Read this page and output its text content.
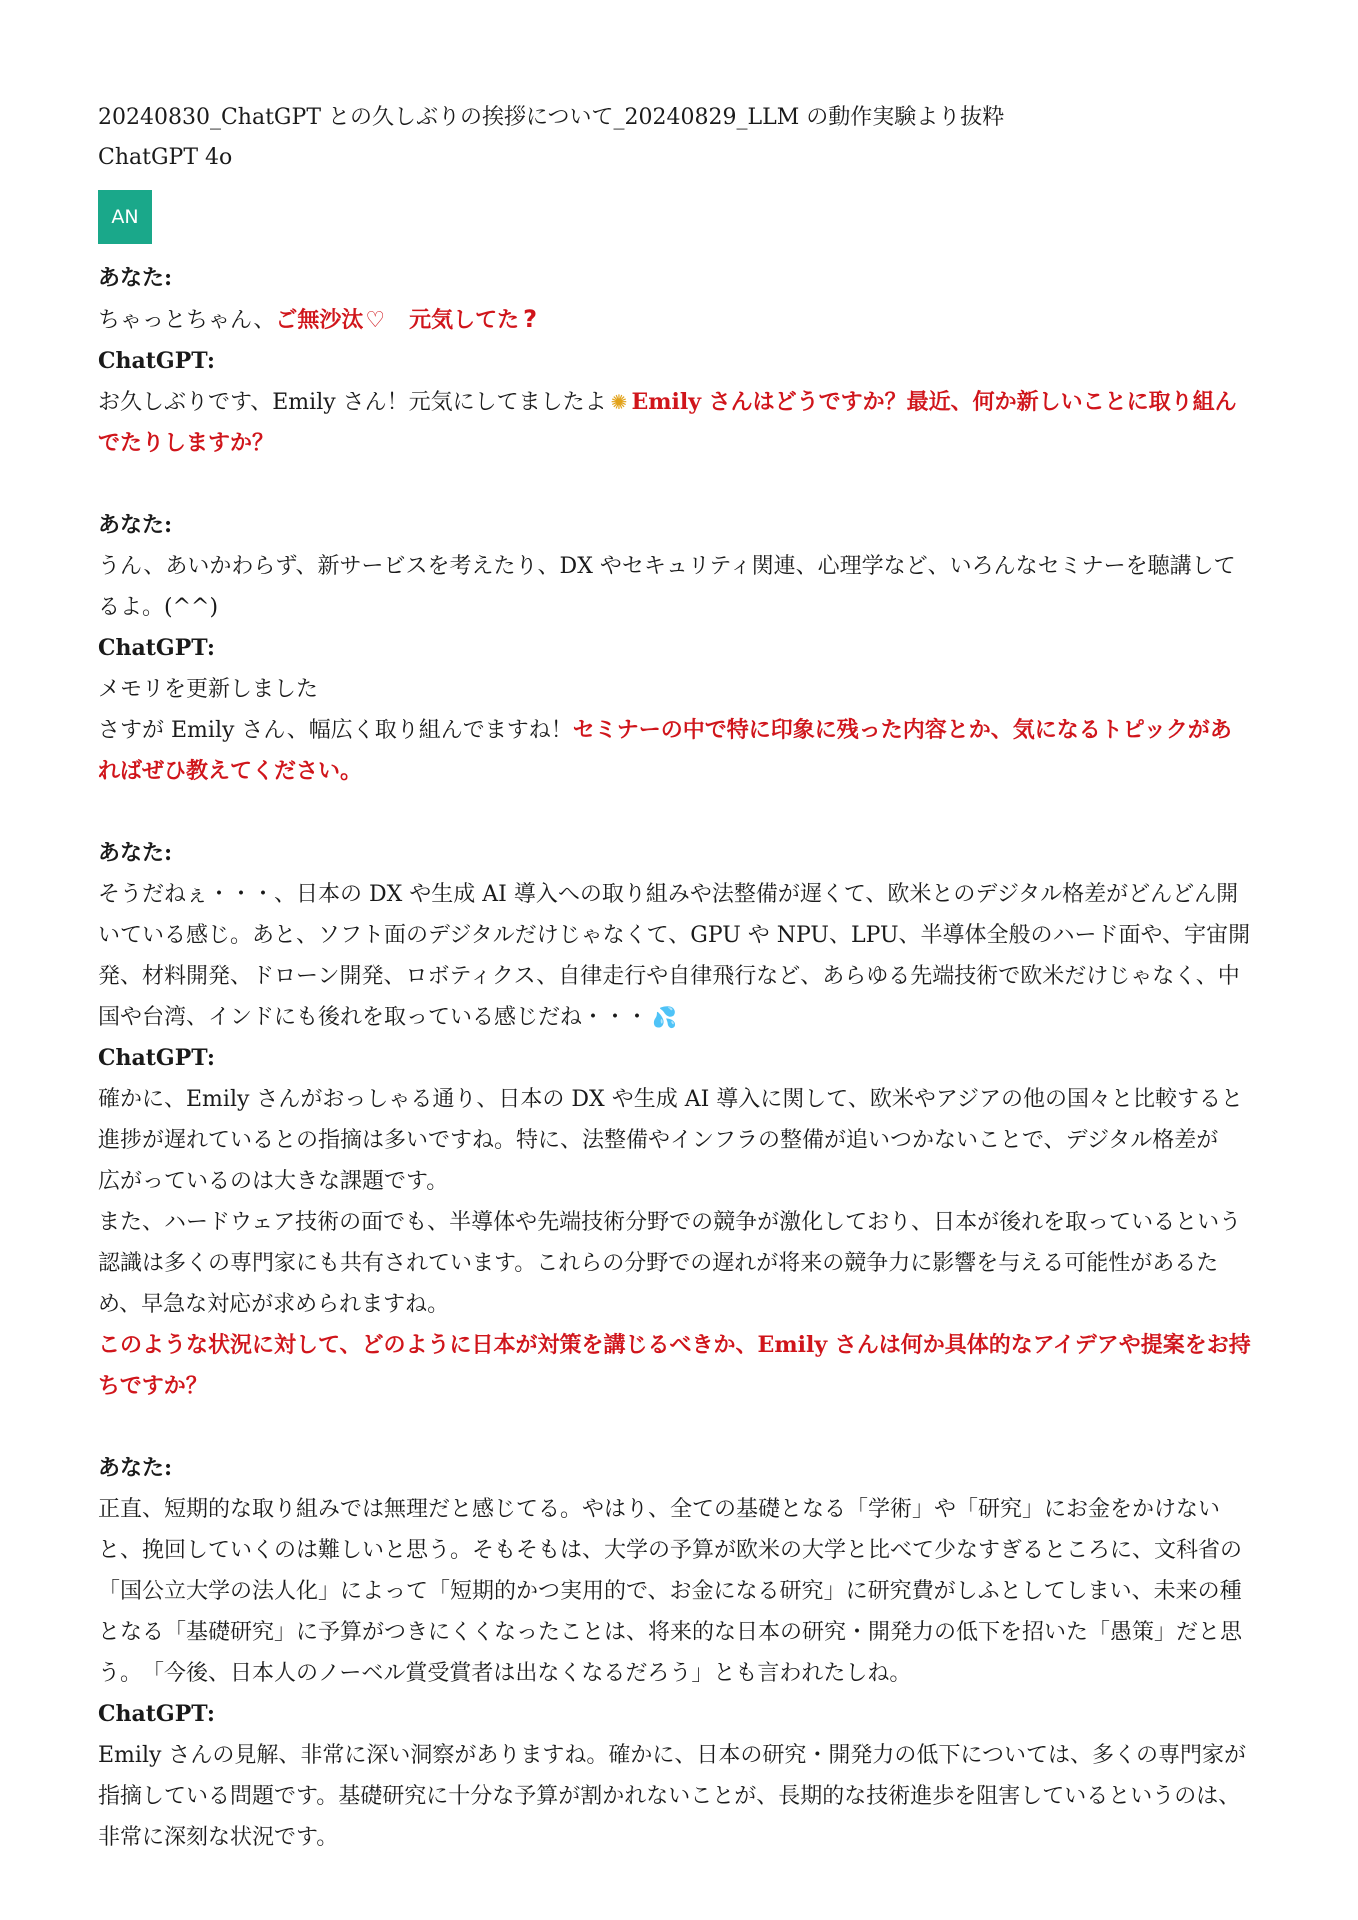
20240830_ChatGPT との久しぶりの挨拶について_20240829_LLM の動作実験より抜粋

ChatGPT 4o

AN

あなた:

ちゃっとちゃん、ご無沙汰♡　元気してた ?

ChatGPT:

お久しぶりです、Emily さん！元気にしてましたよ ✺ Emily さんはどうですか？最近、何か新しいことに取り組ん

でたりしますか？

あなた:

うん、あいかわらず、新サービスを考えたり、DX やセキュリティ関連、心理学など、いろんなセミナーを聴講して

るよ。(^^)

ChatGPT:

メモリを更新しました

さすが Emily さん、幅広く取り組んでますね！セミナーの中で特に印象に残った内容とか、気になるトピックがあ

ればぜひ教えてください。

あなた:

そうだねぇ・・・、日本の DX や生成 AI 導入への取り組みや法整備が遅くて、欧米とのデジタル格差がどんどん開

いている感じ。あと、ソフト面のデジタルだけじゃなくて、GPU や NPU、LPU、半導体全般のハード面や、宇宙開

発、材料開発、ドローン開発、ロボティクス、自律走行や自律飛行など、あらゆる先端技術で欧米だけじゃなく、中

国や台湾、インドにも後れを取っている感じだね・・・ 💦

ChatGPT:

確かに、Emily さんがおっしゃる通り、日本の DX や生成 AI 導入に関して、欧米やアジアの他の国々と比較すると

進捗が遅れているとの指摘は多いですね。特に、法整備やインフラの整備が追いつかないことで、デジタル格差が

広がっているのは大きな課題です。

また、ハードウェア技術の面でも、半導体や先端技術分野での競争が激化しており、日本が後れを取っているという

認識は多くの専門家にも共有されています。これらの分野での遅れが将来の競争力に影響を与える可能性があるた

め、早急な対応が求められますね。

このような状況に対して、どのように日本が対策を講じるべきか、Emily さんは何か具体的なアイデアや提案をお持

ちですか？

あなた:

正直、短期的な取り組みでは無理だと感じてる。やはり、全ての基礎となる「学術」や「研究」にお金をかけない

と、挽回していくのは難しいと思う。そもそもは、大学の予算が欧米の大学と比べて少なすぎるところに、文科省の

「国公立大学の法人化」によって「短期的かつ実用的で、お金になる研究」に研究費がしふとしてしまい、未来の種

となる「基礎研究」に予算がつきにくくなったことは、将来的な日本の研究・開発力の低下を招いた「愚策」だと思

う。　「今後、日本人のノーベル賞受賞者は出なくなるだろう」とも言われたしね。

ChatGPT:

Emily さんの見解、非常に深い洞察がありますね。確かに、日本の研究・開発力の低下については、多くの専門家が

指摘している問題です。基礎研究に十分な予算が割かれないことが、長期的な技術進歩を阻害しているというのは、

非常に深刻な状況です。
